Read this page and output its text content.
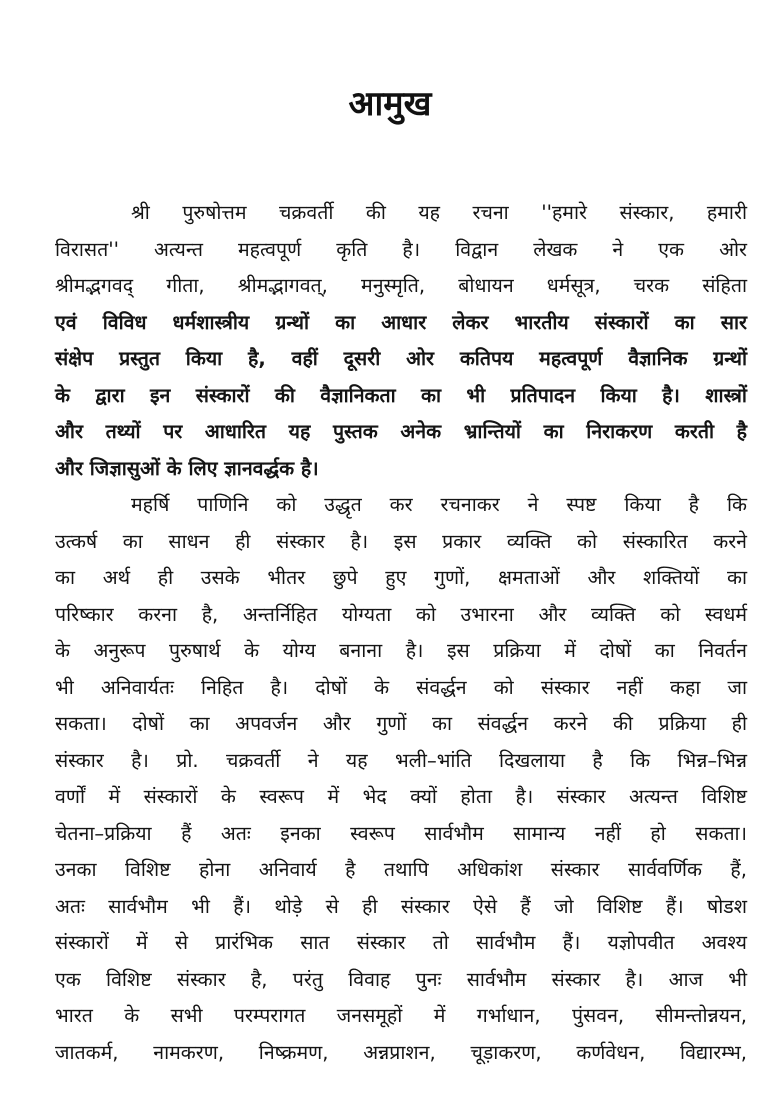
आमुख
श्री पुरुषोत्तम चक्रवर्ती की यह रचना ''हमारे संस्कार, हमारी
विरासत'' अत्यन्त महत्वपूर्ण कृति है। विद्वान लेखक ने एक ओर
श्रीमद्भगवद् गीता, श्रीमद्भागवत्, मनुस्मृति, बोधायन धर्मसूत्र, चरक संहिता
एवं विविध धर्मशास्त्रीय ग्रन्थों का आधार लेकर भारतीय संस्कारों का सार
संक्षेप प्रस्तुत किया है, वहीं दूसरी ओर कतिपय महत्वपूर्ण वैज्ञानिक ग्रन्थों
के द्वारा इन संस्कारों की वैज्ञानिकता का भी प्रतिपादन किया है। शास्त्रों
और तथ्यों पर आधारित यह पुस्तक अनेक भ्रान्तियों का निराकरण करती है
और जिज्ञासुओं के लिए ज्ञानवर्द्धक है।
महर्षि पाणिनि को उद्धृत कर रचनाकर ने स्पष्ट किया है कि
उत्कर्ष का साधन ही संस्कार है। इस प्रकार व्यक्ति को संस्कारित करने
का अर्थ ही उसके भीतर छुपे हुए गुणों, क्षमताओं और शक्तियों का
परिष्कार करना है, अन्तर्निहित योग्यता को उभारना और व्यक्ति को स्वधर्म
के अनुरूप पुरुषार्थ के योग्य बनाना है। इस प्रक्रिया में दोषों का निवर्तन
भी अनिवार्यतः निहित है। दोषों के संवर्द्धन को संस्कार नहीं कहा जा
सकता। दोषों का अपवर्जन और गुणों का संवर्द्धन करने की प्रक्रिया ही
संस्कार है। प्रो. चक्रवर्ती ने यह भली–भांति दिखलाया है कि भिन्न–भिन्न
वर्णों में संस्कारों के स्वरूप में भेद क्यों होता है। संस्कार अत्यन्त विशिष्ट
चेतना–प्रक्रिया हैं अतः इनका स्वरूप सार्वभौम सामान्य नहीं हो सकता।
उनका विशिष्ट होना अनिवार्य है तथापि अधिकांश संस्कार सार्ववर्णिक हैं,
अतः सार्वभौम भी हैं। थोड़े से ही संस्कार ऐसे हैं जो विशिष्ट हैं। षोडश
संस्कारों में से प्रारंभिक सात संस्कार तो सार्वभौम हैं। यज्ञोपवीत अवश्य
एक विशिष्ट संस्कार है, परंतु विवाह पुनः सार्वभौम संस्कार है। आज भी
भारत के सभी परम्परागत जनसमूहों में गर्भाधान, पुंसवन, सीमन्तोन्नयन,
जातकर्म, नामकरण, निष्क्रमण, अन्नप्राशन, चूड़ाकरण, कर्णवेधन, विद्यारम्भ,
